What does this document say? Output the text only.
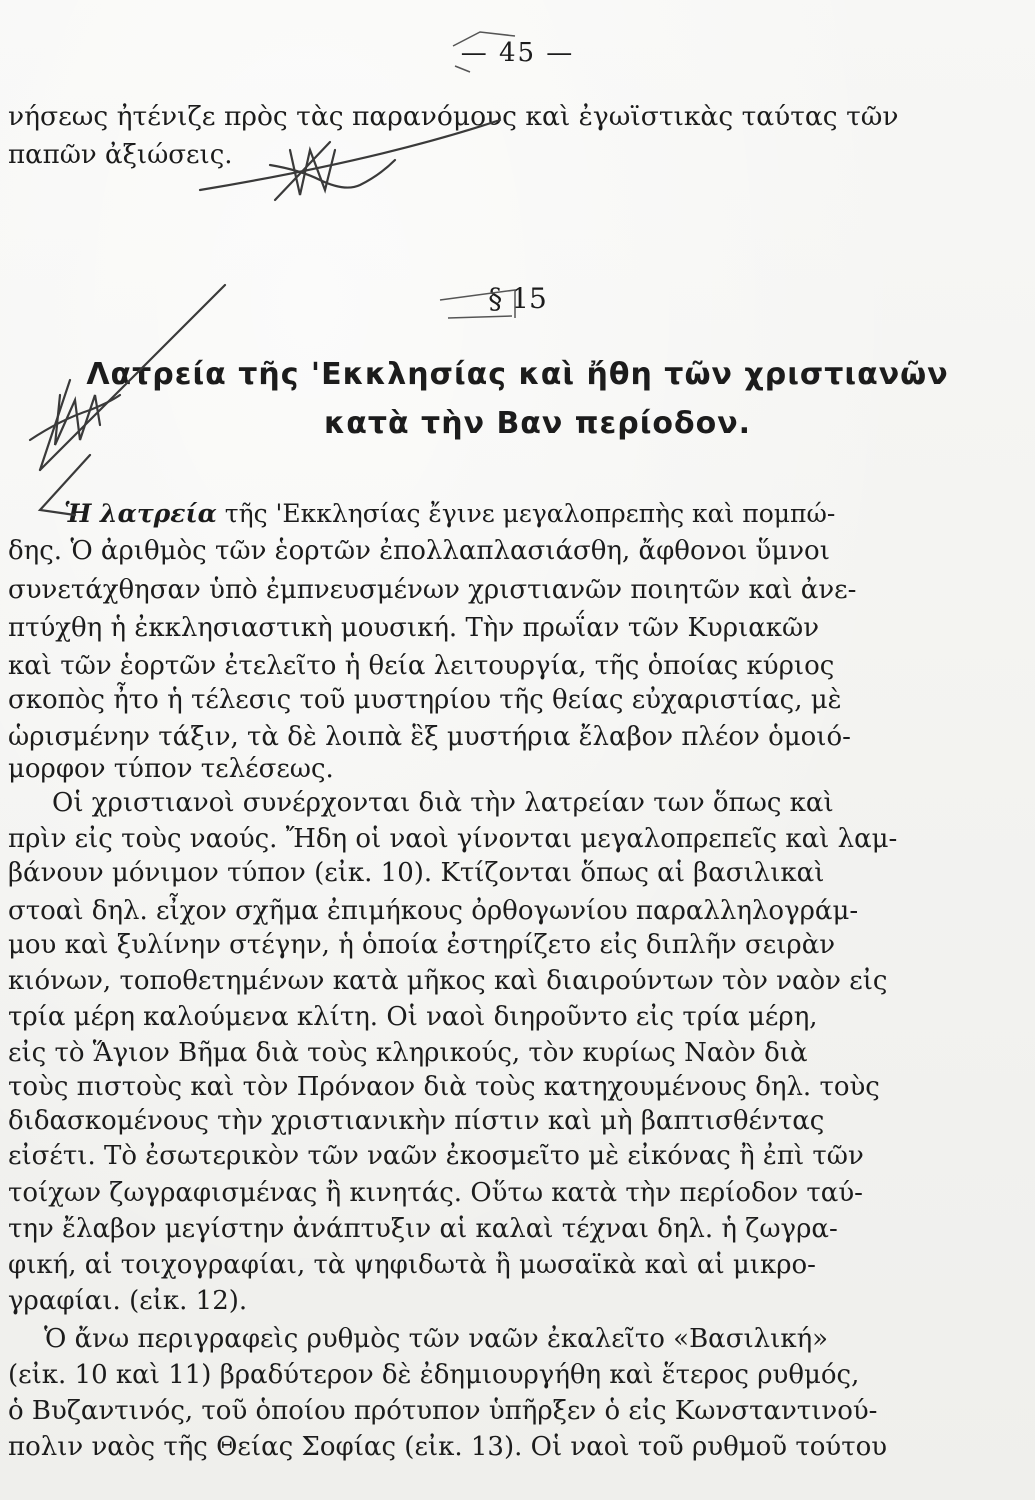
— 45 —
νήσεως ἠτένιζε πρὸς τὰς παρανόμους καὶ ἐγωϊστικὰς ταύτας τῶν
παπῶν ἀξιώσεις.
§ 15
Λατρεία τῆς 'Εκκλησίας καὶ ἤθη τῶν χριστιανῶν
κατὰ τὴν Βαν περίοδον.
Ἡ λατρεία τῆς 'Εκκλησίας ἔγινε μεγαλοπρεπὴς καὶ πομπώ-
δης. Ὁ ἀριθμὸς τῶν ἑορτῶν ἐπολλαπλασιάσθη, ἄφθονοι ὕμνοι
συνετάχθησαν ὑπὸ ἐμπνευσμένων χριστιανῶν ποιητῶν καὶ ἀνε-
πτύχθη ἡ ἐκκλησιαστικὴ μουσική. Τὴν πρωΐαν τῶν Κυριακῶν
καὶ τῶν ἑορτῶν ἐτελεῖτο ἡ θεία λειτουργία, τῆς ὁποίας κύριος
σκοπὸς ἦτο ἡ τέλεσις τοῦ μυστηρίου τῆς θείας εὐχαριστίας, μὲ
ὡρισμένην τάξιν, τὰ δὲ λοιπὰ ἓξ μυστήρια ἔλαβον πλέον ὁμοιό-
μορφον τύπον τελέσεως.
Οἱ χριστιανοὶ συνέρχονται διὰ τὴν λατρείαν των ὅπως καὶ
πρὶν εἰς τοὺς ναούς. Ἤδη οἱ ναοὶ γίνονται μεγαλοπρεπεῖς καὶ λαμ-
βάνουν μόνιμον τύπον (εἰκ. 10). Κτίζονται ὅπως αἱ βασιλικαὶ
στοαὶ δηλ. εἶχον σχῆμα ἐπιμήκους ὀρθογωνίου παραλληλογράμ-
μου καὶ ξυλίνην στέγην, ἡ ὁποία ἐστηρίζετο εἰς διπλῆν σειρὰν
κιόνων, τοποθετημένων κατὰ μῆκος καὶ διαιρούντων τὸν ναὸν εἰς
τρία μέρη καλούμενα κλίτη. Οἱ ναοὶ διηροῦντο εἰς τρία μέρη,
εἰς τὸ Ἅγιον Βῆμα διὰ τοὺς κληρικούς, τὸν κυρίως Ναὸν διὰ
τοὺς πιστοὺς καὶ τὸν Πρόναον διὰ τοὺς κατηχουμένους δηλ. τοὺς
διδασκομένους τὴν χριστιανικὴν πίστιν καὶ μὴ βαπτισθέντας
εἰσέτι. Τὸ ἐσωτερικὸν τῶν ναῶν ἐκοσμεῖτο μὲ εἰκόνας ἢ ἐπὶ τῶν
τοίχων ζωγραφισμένας ἢ κινητάς. Οὕτω κατὰ τὴν περίοδον ταύ-
την ἔλαβον μεγίστην ἀνάπτυξιν αἱ καλαὶ τέχναι δηλ. ἡ ζωγρα-
φική, αἱ τοιχογραφίαι, τὰ ψηφιδωτὰ ἢ μωσαϊκὰ καὶ αἱ μικρο-
γραφίαι. (εἰκ. 12).
Ὁ ἄνω περιγραφεὶς ρυθμὸς τῶν ναῶν ἐκαλεῖτο «Βασιλική»
(εἰκ. 10 καὶ 11) βραδύτερον δὲ ἐδημιουργήθη καὶ ἕτερος ρυθμός,
ὁ Βυζαντινός, τοῦ ὁποίου πρότυπον ὑπῆρξεν ὁ εἰς Κωνσταντινού-
πολιν ναὸς τῆς Θείας Σοφίας (εἰκ. 13). Οἱ ναοὶ τοῦ ρυθμοῦ τούτου
